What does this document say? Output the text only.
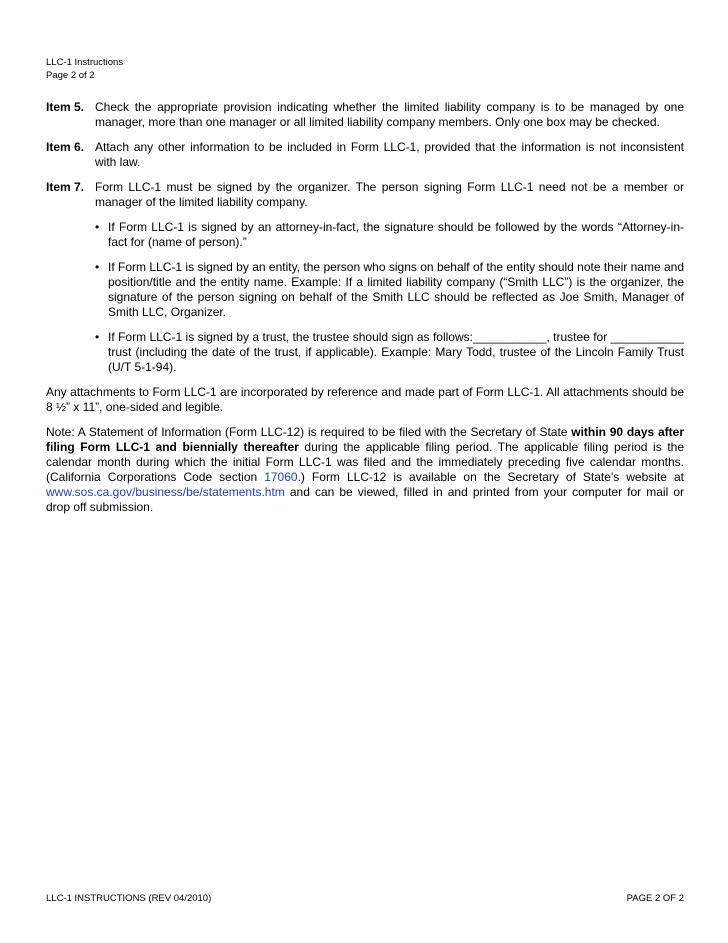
LLC-1 Instructions
Page 2 of 2
Item 5. Check the appropriate provision indicating whether the limited liability company is to be managed by one manager, more than one manager or all limited liability company members. Only one box may be checked.
Item 6. Attach any other information to be included in Form LLC-1, provided that the information is not inconsistent with law.
Item 7. Form LLC-1 must be signed by the organizer. The person signing Form LLC-1 need not be a member or manager of the limited liability company.
• If Form LLC-1 is signed by an attorney-in-fact, the signature should be followed by the words “Attorney-in-fact for (name of person).”
• If Form LLC-1 is signed by an entity, the person who signs on behalf of the entity should note their name and position/title and the entity name. Example: If a limited liability company (“Smith LLC”) is the organizer, the signature of the person signing on behalf of the Smith LLC should be reflected as Joe Smith, Manager of Smith LLC, Organizer.
• If Form LLC-1 is signed by a trust, the trustee should sign as follows:___________, trustee for ___________ trust (including the date of the trust, if applicable). Example: Mary Todd, trustee of the Lincoln Family Trust (U/T 5-1-94).
Any attachments to Form LLC-1 are incorporated by reference and made part of Form LLC-1. All attachments should be 8 ½” x 11”, one-sided and legible.
Note: A Statement of Information (Form LLC-12) is required to be filed with the Secretary of State within 90 days after filing Form LLC-1 and biennially thereafter during the applicable filing period. The applicable filing period is the calendar month during which the initial Form LLC-1 was filed and the immediately preceding five calendar months. (California Corporations Code section 17060.) Form LLC-12 is available on the Secretary of State's website at www.sos.ca.gov/business/be/statements.htm and can be viewed, filled in and printed from your computer for mail or drop off submission.
LLC-1 INSTRUCTIONS (REV 04/2010)	PAGE 2 OF 2
